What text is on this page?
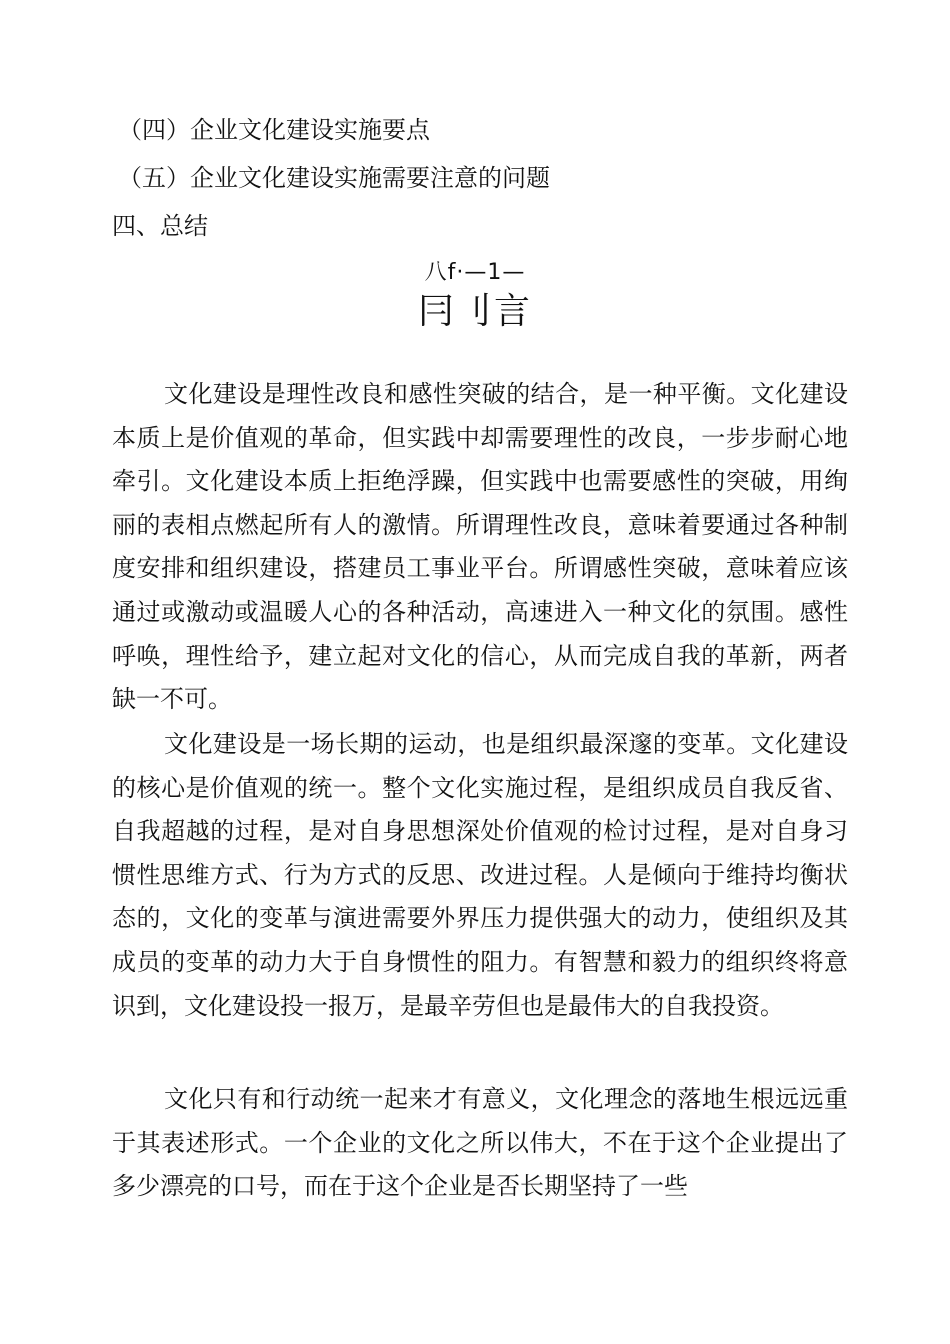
（四）企业文化建设实施要点
（五）企业文化建设实施需要注意的问题
四、总结
八f·—1—
冃刂言

文化建设是理性改良和感性突破的结合，是一种平衡。文化建设本质上是价值观的革命，但实践中却需要理性的改良，一步步耐心地牵引。文化建设本质上拒绝浮躁，但实践中也需要感性的突破，用绚丽的表相点燃起所有人的激情。所谓理性改良，意味着要通过各种制度安排和组织建设，搭建员工事业平台。所谓感性突破，意味着应该通过或激动或温暖人心的各种活动，高速进入一种文化的氛围。感性呼唤，理性给予，建立起对文化的信心，从而完成自我的革新，两者缺一不可。

文化建设是一场长期的运动，也是组织最深邃的变革。文化建设的核心是价值观的统一。整个文化实施过程，是组织成员自我反省、自我超越的过程，是对自身思想深处价值观的检讨过程，是对自身习惯性思维方式、行为方式的反思、改进过程。人是倾向于维持均衡状态的，文化的变革与演进需要外界压力提供强大的动力，使组织及其成员的变革的动力大于自身惯性的阻力。有智慧和毅力的组织终将意识到，文化建设投一报万，是最辛劳但也是最伟大的自我投资。

文化只有和行动统一起来才有意义，文化理念的落地生根远远重于其表述形式。一个企业的文化之所以伟大，不在于这个企业提出了多少漂亮的口号，而在于这个企业是否长期坚持了一些
